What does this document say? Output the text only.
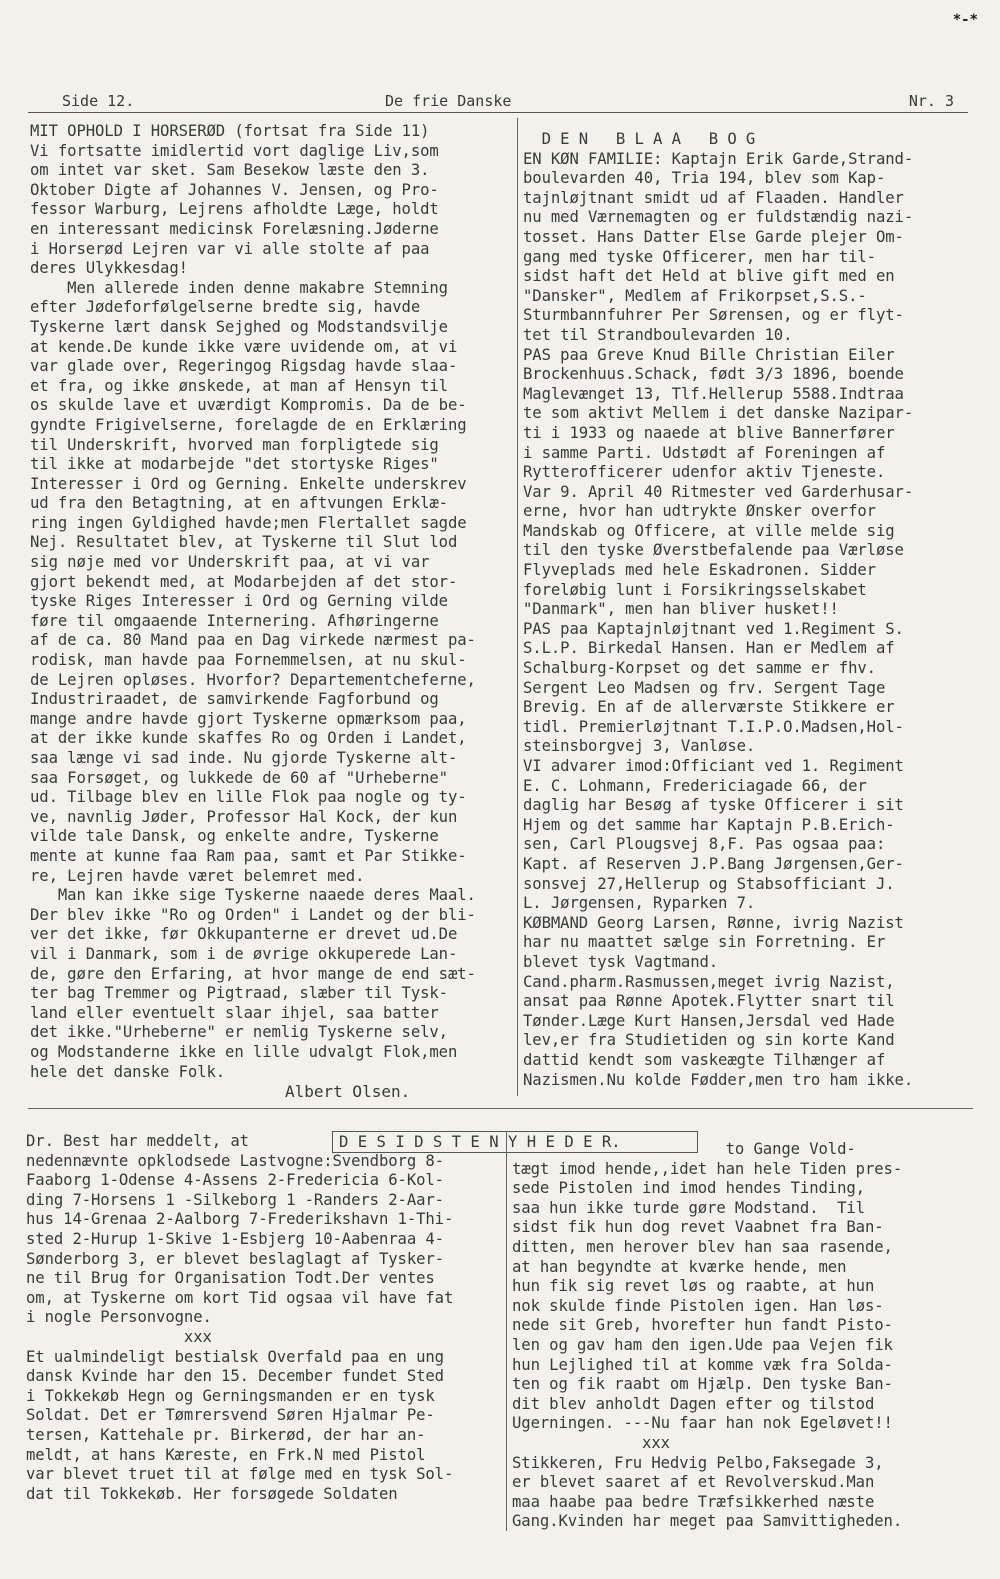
*-*
Side 12.	De frie Danske	Nr. 3
MIT OPHOLD I HORSERØD (fortsat fra Side 11)
Vi fortsatte imidlertid vort daglige Liv,som
om intet var sket. Sam Besekow læste den 3.
Oktober Digte af Johannes V. Jensen, og Pro-
fessor Warburg, Lejrens afholdte Læge, holdt
en interessant medicinsk Forelæsning.Jøderne
i Horserød Lejren var vi alle stolte af paa
deres Ulykkesdag!
Men allerede inden denne makabre Stemning
efter Jødeforfølgelserne bredte sig, havde
Tyskerne lært dansk Sejghed og Modstandsvilje
at kende.De kunde ikke være uvidende om, at vi
var glade over, Regeringog Rigsdag havde slaa-
et fra, og ikke ønskede, at man af Hensyn til
os skulde lave et uværdigt Kompromis. Da de be-
gyndte Frigivelserne, forelagde de en Erklæring
til Underskrift, hvorved man forpligtede sig
til ikke at modarbejde "det stortyske Riges"
Interesser i Ord og Gerning. Enkelte underskrev
ud fra den Betagtning, at en aftvungen Erklæ-
ring ingen Gyldighed havde;men Flertallet sagde
Nej. Resultatet blev, at Tyskerne til Slut lod
sig nøje med vor Underskrift paa, at vi var
gjort bekendt med, at Modarbejden af det stor-
tyske Riges Interesser i Ord og Gerning vilde
føre til omgaaende Internering. Afhøringerne
af de ca. 80 Mand paa en Dag virkede nærmest pa-
rodisk, man havde paa Fornemmelsen, at nu skul-
de Lejren opløses. Hvorfor? Departementcheferne,
Industriraadet, de samvirkende Fagforbund og
mange andre havde gjort Tyskerne opmærksom paa,
at der ikke kunde skaffes Ro og Orden i Landet,
saa længe vi sad inde. Nu gjorde Tyskerne alt-
saa Forsøget, og lukkede de 60 af "Urheberne"
ud. Tilbage blev en lille Flok paa nogle og ty-
ve, navnlig Jøder, Professor Hal Kock, der kun
vilde tale Dansk, og enkelte andre, Tyskerne
mente at kunne faa Ram paa, samt et Par Stikke-
re, Lejren havde været belemret med.
Man kan ikke sige Tyskerne naaede deres Maal.
Der blev ikke "Ro og Orden" i Landet og der bli-
ver det ikke, før Okkupanterne er drevet ud.De
vil i Danmark, som i de øvrige okkuperede Lan-
de, gøre den Erfaring, at hvor mange de end sæt-
ter bag Tremmer og Pigtraad, slæber til Tysk-
land eller eventuelt slaar ihjel, saa batter
det ikke."Urheberne" er nemlig Tyskerne selv,
og Modstanderne ikke en lille udvalgt Flok,men
hele det danske Folk.
Albert Olsen.
D E N   B L A A   B O G
EN KØN FAMILIE: Kaptajn Erik Garde,Strand-
boulevarden 40, Tria 194, blev som Kap-
tajnløjtnant smidt ud af Flaaden. Handler
nu med Værnemagten og er fuldstændig nazi-
tosset. Hans Datter Else Garde plejer Om-
gang med tyske Officerer, men har til-
sidst haft det Held at blive gift med en
"Dansker", Medlem af Frikorpset,S.S.-
Sturmbannfuhrer Per Sørensen, og er flyt-
tet til Strandboulevarden 10.
PAS paa Greve Knud Bille Christian Eiler
Brockenhuus.Schack, født 3/3 1896, boende
Maglevænget 13, Tlf.Hellerup 5588.Indtraa
te som aktivt Mellem i det danske Nazipar-
ti i 1933 og naaede at blive Bannerfører
i samme Parti. Udstødt af Foreningen af
Rytterofficerer udenfor aktiv Tjeneste.
Var 9. April 40 Ritmester ved Garderhusar-
erne, hvor han udtrykte Ønsker overfor
Mandskab og Officere, at ville melde sig
til den tyske Øverstbefalende paa Værløse
Flyveplads med hele Eskadronen. Sidder
foreløbig lunt i Forsikringsselskabet
"Danmark", men han bliver husket!!
PAS paa Kaptajnløjtnant ved 1.Regiment S.
S.L.P. Birkedal Hansen. Han er Medlem af
Schalburg-Korpset og det samme er fhv.
Sergent Leo Madsen og frv. Sergent Tage
Brevig. En af de allerværste Stikkere er
tidl. Premierløjtnant T.I.P.O.Madsen,Hol-
steinsborgvej 3, Vanløse.
VI advarer imod:Officiant ved 1. Regiment
E. C. Lohmann, Fredericiagade 66, der
daglig har Besøg af tyske Officerer i sit
Hjem og det samme har Kaptajn P.B.Erich-
sen, Carl Plougsvej 8,F. Pas ogsaa paa:
Kapt. af Reserven J.P.Bang Jørgensen,Ger-
sonsvej 27,Hellerup og Stabsofficiant J.
L. Jørgensen, Ryparken 7.
KØBMAND Georg Larsen, Rønne, ivrig Nazist
har nu maattet sælge sin Forretning. Er
blevet tysk Vagtmand.
Cand.pharm.Rasmussen,meget ivrig Nazist,
ansat paa Rønne Apotek.Flytter snart til
Tønder.Læge Kurt Hansen,Jersdal ved Hade
lev,er fra Studietiden og sin korte Kand
dattid kendt som vaskeægte Tilhænger af
Nazismen.Nu kolde Fødder,men tro ham ikke.
D E S I D S T E N Y H E D E R.
Dr. Best har meddelt, at
nedennævnte opklodsede Lastvogne:Svendborg 8-
Faaborg 1-Odense 4-Assens 2-Fredericia 6-Kol-
ding 7-Horsens 1 -Silkeborg 1 -Randers 2-Aar-
hus 14-Grenaa 2-Aalborg 7-Frederikshavn 1-Thi-
sted 2-Hurup 1-Skive 1-Esbjerg 10-Aabenraa 4-
Sønderborg 3, er blevet beslaglagt af Tysker-
ne til Brug for Organisation Todt.Der ventes
om, at Tyskerne om kort Tid ogsaa vil have fat
i nogle Personvogne.
xxx
Et ualmindeligt bestialsk Overfald paa en ung
dansk Kvinde har den 15. December fundet Sted
i Tokkekøb Hegn og Gerningsmanden er en tysk
Soldat. Det er Tømrersvend Søren Hjalmar Pe-
tersen, Kattehale pr. Birkerød, der har an-
meldt, at hans Kæreste, en Frk.N med Pistol
var blevet truet til at følge med en tysk Sol-
dat til Tokkekøb. Her forsøgede Soldaten
to Gange Vold-
tægt imod hende,,idet han hele Tiden pres-
sede Pistolen ind imod hendes Tinding,
saa hun ikke turde gøre Modstand.  Til
sidst fik hun dog revet Vaabnet fra Ban-
ditten, men herover blev han saa rasende,
at han begyndte at kværke hende, men
hun fik sig revet løs og raabte, at hun
nok skulde finde Pistolen igen. Han løs-
nede sit Greb, hvorefter hun fandt Pisto-
len og gav ham den igen.Ude paa Vejen fik
hun Lejlighed til at komme væk fra Solda-
ten og fik raabt om Hjælp. Den tyske Ban-
dit blev anholdt Dagen efter og tilstod
Ugerningen. ---Nu faar han nok Egeløvet!!
xxx
Stikkeren, Fru Hedvig Pelbo,Faksegade 3,
er blevet saaret af et Revolverskud.Man
maa haabe paa bedre Træfsikkerhed næste
Gang.Kvinden har meget paa Samvittigheden.
